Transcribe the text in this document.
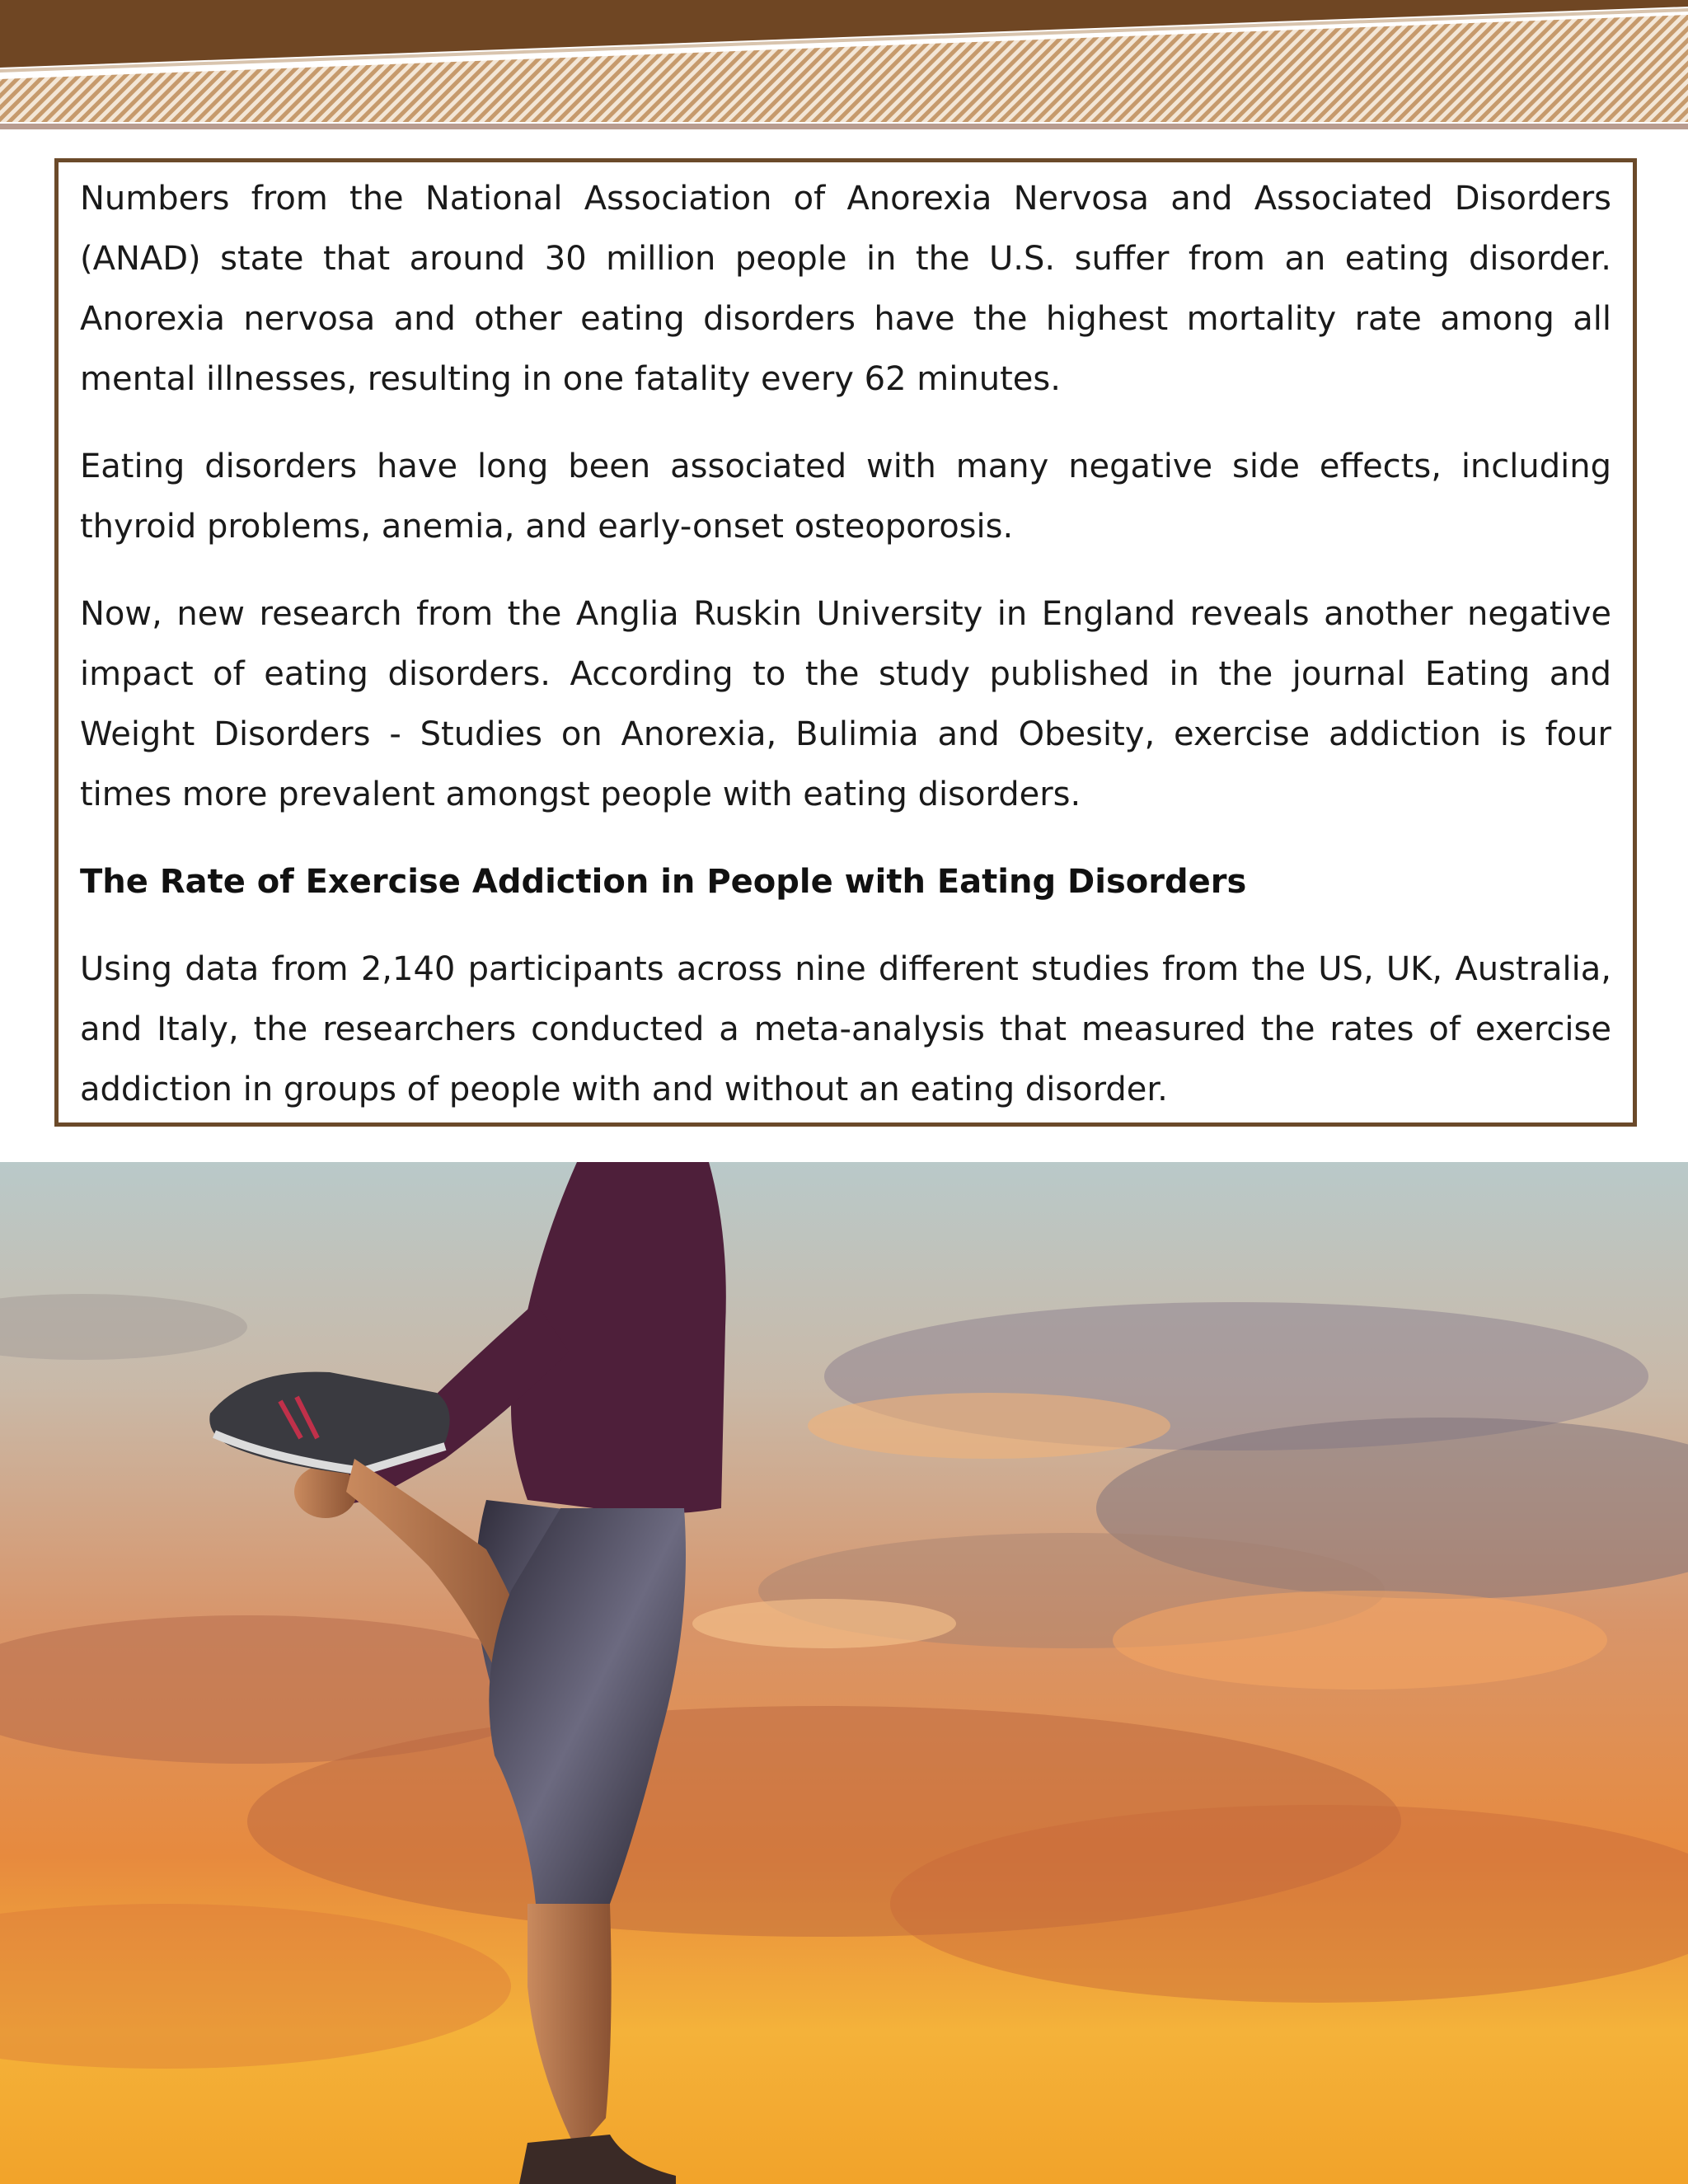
Numbers from the National Association of Anorexia Nervosa and Associated Disorders (ANAD) state that around 30 million people in the U.S. suffer from an eating disorder. Anorexia nervosa and other eating disorders have the highest mortality rate among all mental illnesses, resulting in one fatality every 62 minutes.

Eating disorders have long been associated with many negative side effects, including thyroid problems, anemia, and early-onset osteoporosis.

Now, new research from the Anglia Ruskin University in England reveals another negative impact of eating disorders. According to the study published in the journal Eating and Weight Disorders - Studies on Anorexia, Bulimia and Obesity, exercise addiction is four times more prevalent amongst people with eating disorders.

The Rate of Exercise Addiction in People with Eating Disorders

Using data from 2,140 participants across nine different studies from the US, UK, Australia, and Italy, the researchers conducted a meta-analysis that measured the rates of exercise addiction in groups of people with and without an eating disorder.
